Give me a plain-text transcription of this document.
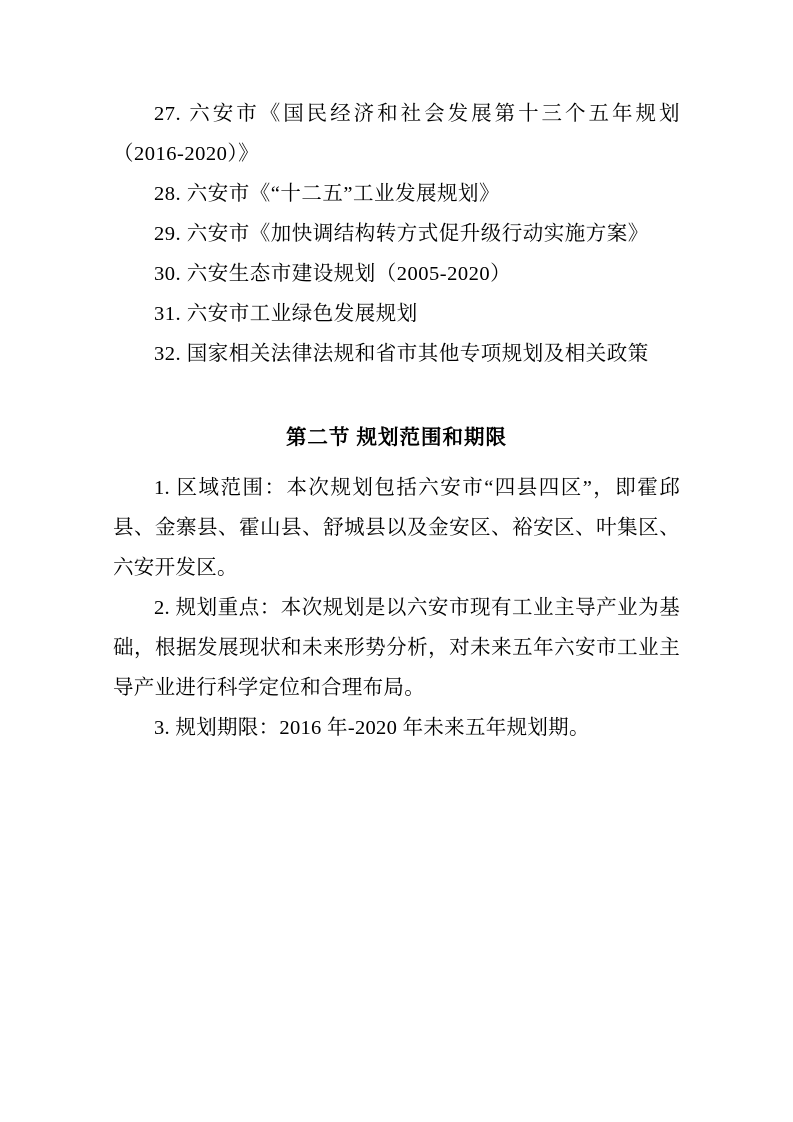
27. 六安市《国民经济和社会发展第十三个五年规划（2016-2020）》

28. 六安市《“十二五”工业发展规划》

29. 六安市《加快调结构转方式促升级行动实施方案》

30. 六安生态市建设规划（2005-2020）

31. 六安市工业绿色发展规划

32. 国家相关法律法规和省市其他专项规划及相关政策

第二节 规划范围和期限

1. 区域范围：本次规划包括六安市“四县四区”，即霍邱县、金寨县、霍山县、舒城县以及金安区、裕安区、叶集区、六安开发区。

2. 规划重点：本次规划是以六安市现有工业主导产业为基础，根据发展现状和未来形势分析，对未来五年六安市工业主导产业进行科学定位和合理布局。

3. 规划期限：2016 年-2020 年未来五年规划期。
